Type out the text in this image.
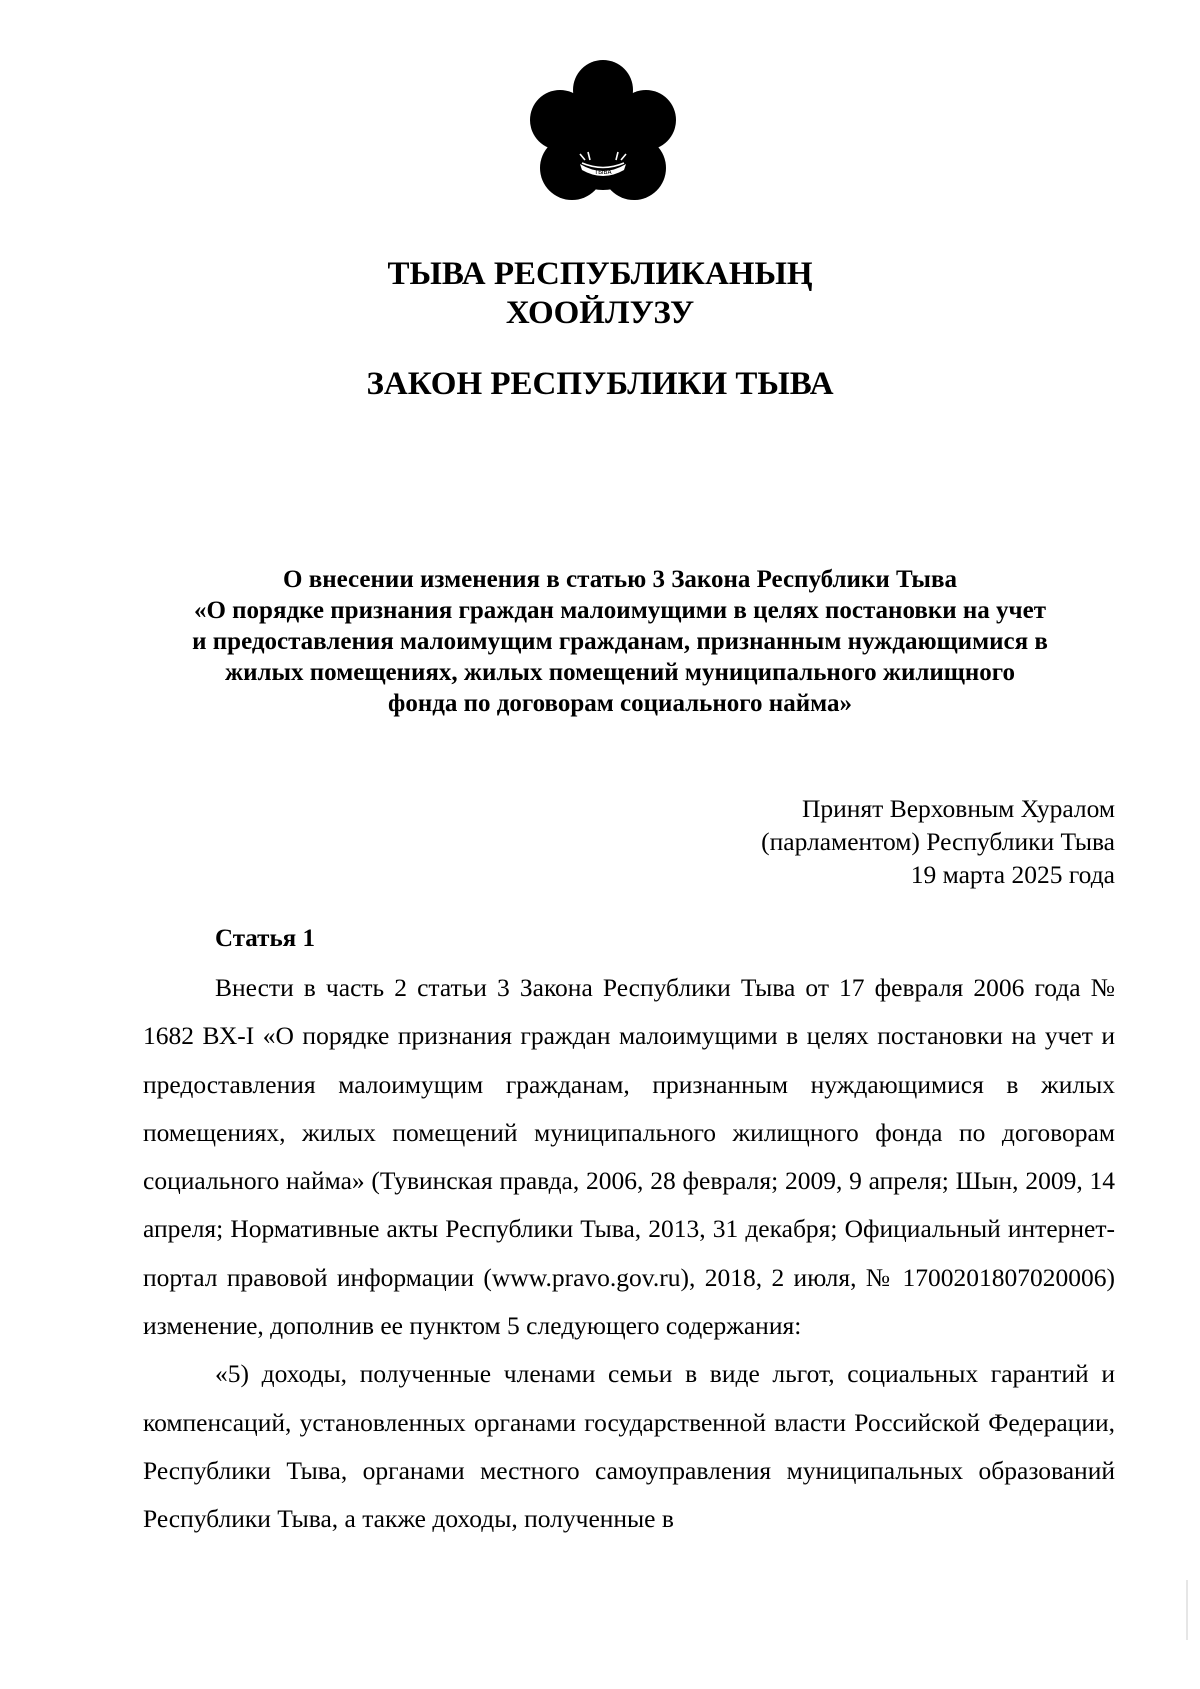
ТЫВА
ТЫВА РЕСПУБЛИКАНЫҢ
ХООЙЛУЗУ
ЗАКОН РЕСПУБЛИКИ ТЫВА
О внесении изменения в статью 3 Закона Республики Тыва
«О порядке признания граждан малоимущими в целях постановки на учет
и предоставления малоимущим гражданам, признанным нуждающимися в
жилых помещениях, жилых помещений муниципального жилищного
фонда по договорам социального найма»
Принят Верховным Хуралом
(парламентом) Республики Тыва
19 марта 2025 года
Статья 1

Внести в часть 2 статьи 3 Закона Республики Тыва от 17 февраля 2006 года № 1682 ВХ-I «О порядке признания граждан малоимущими в целях постановки на учет и предоставления малоимущим гражданам, признанным нуждающимися в жилых помещениях, жилых помещений муниципального жилищного фонда по договорам социального найма» (Тувинская правда, 2006, 28 февраля; 2009, 9 апреля; Шын, 2009, 14 апреля; Нормативные акты Республики Тыва, 2013, 31 декабря; Официальный интернет-портал правовой информации (www.pravo.gov.ru), 2018, 2 июля, № 1700201807020006) изменение, дополнив ее пунктом 5 следующего содержания:

«5) доходы, полученные членами семьи в виде льгот, социальных гарантий и компенсаций, установленных органами государственной власти Российской Федерации, Республики Тыва, органами местного самоуправления муниципальных образований Республики Тыва, а также доходы, полученные в
